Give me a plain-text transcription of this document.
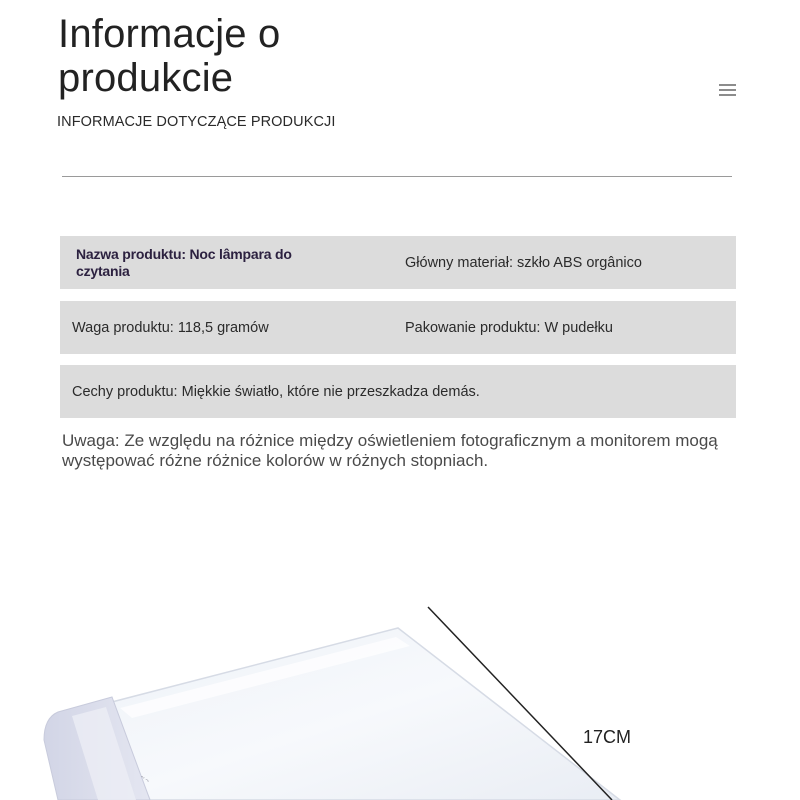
Informacje o produkcie
INFORMACJE DOTYCZĄCE PRODUKCJI
Nazwa produktu: Noc lâmpara do czytania	Główny materiał: szkło ABS orgânico
Waga produktu: 118,5 gramów	Pakowanie produktu: W pudełku
Cechy produktu: Miękkie światło, które nie przeszkadza demás.
Uwaga: Ze względu na różnice między oświetleniem fotograficznym a monitorem mogą występować różne różnice kolorów w różnych stopniach.
~ ~
17CM
